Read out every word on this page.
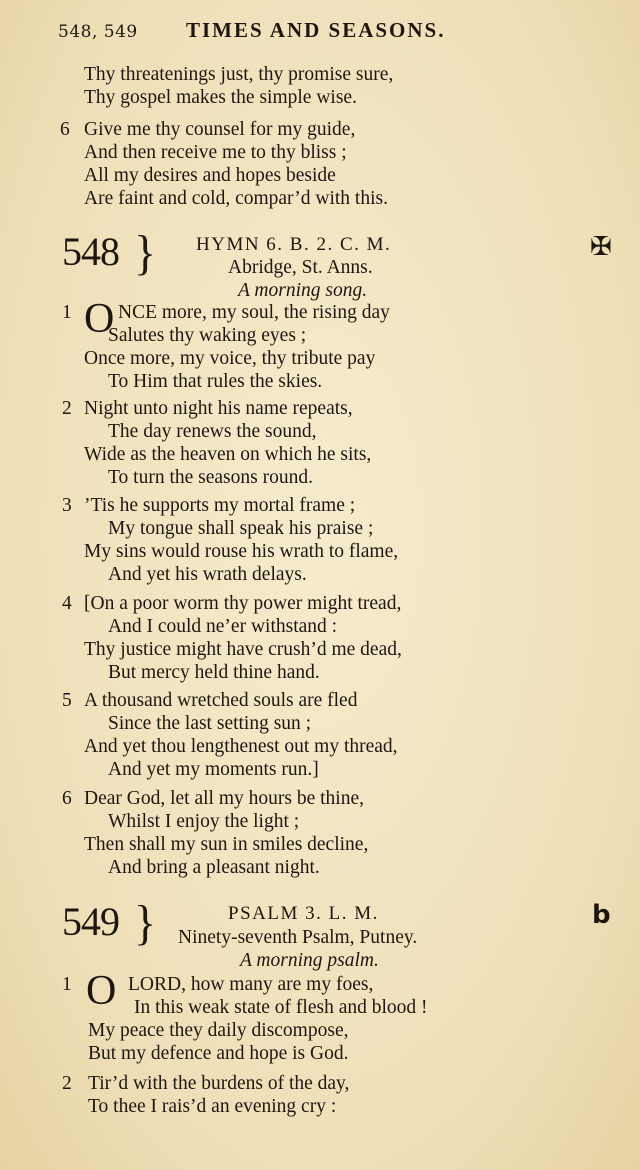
548, 549 TIMES AND SEASONS.
Thy threatenings just, thy promise sure,
Thy gospel makes the simple wise.
6 Give me thy counsel for my guide,
And then receive me to thy bliss ;
All my desires and hopes beside
Are faint and cold, compar’d with this.
548 } HYMN 6. B. 2. C. M.
Abridge, St. Anns.
A morning song.
✠
1 O NCE more, my soul, the rising day
Salutes thy waking eyes ;
Once more, my voice, thy tribute pay
To Him that rules the skies.
2 Night unto night his name repeats,
The day renews the sound,
Wide as the heaven on which he sits,
To turn the seasons round.
3 ’Tis he supports my mortal frame ;
My tongue shall speak his praise ;
My sins would rouse his wrath to flame,
And yet his wrath delays.
4 [On a poor worm thy power might tread,
And I could ne’er withstand :
Thy justice might have crush’d me dead,
But mercy held thine hand.
5 A thousand wretched souls are fled
Since the last setting sun ;
And yet thou lengthenest out my thread,
And yet my moments run.]
6 Dear God, let all my hours be thine,
Whilst I enjoy the light ;
Then shall my sun in smiles decline,
And bring a pleasant night.
549 }	PSALM 3. L. M.
Ninety-seventh Psalm, Putney.
A morning psalm.
b
1 O LORD, how many are my foes,
In this weak state of flesh and blood !
My peace they daily discompose,
But my defence and hope is God.
2 Tir’d with the burdens of the day,
To thee I rais’d an evening cry :
